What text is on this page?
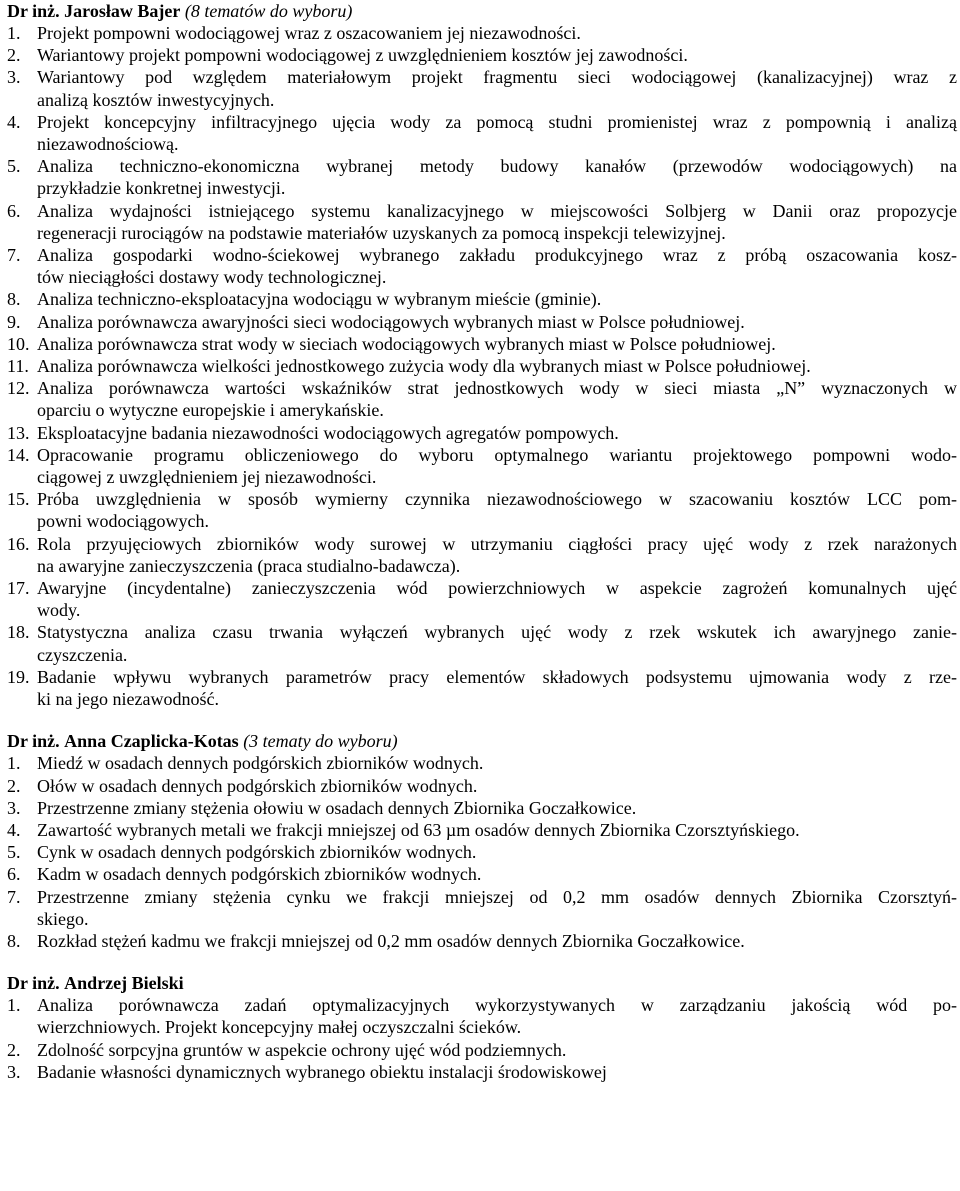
Dr inż. Jarosław Bajer (8 tematów do wyboru)
1. Projekt pompowni wodociągowej wraz z oszacowaniem jej niezawodności.
2. Wariantowy projekt pompowni wodociągowej z uwzględnieniem kosztów jej zawodności.
3. Wariantowy pod względem materiałowym projekt fragmentu sieci wodociągowej (kanalizacyjnej) wraz z
analizą kosztów inwestycyjnych.
4. Projekt koncepcyjny infiltracyjnego ujęcia wody za pomocą studni promienistej wraz z pompownią i analizą
niezawodnościową.
5. Analiza techniczno-ekonomiczna wybranej metody budowy kanałów (przewodów wodociągowych) na
przykładzie konkretnej inwestycji.
6. Analiza wydajności istniejącego systemu kanalizacyjnego w miejscowości Solbjerg w Danii oraz propozycje
regeneracji rurociągów na podstawie materiałów uzyskanych za pomocą inspekcji telewizyjnej.
7. Analiza gospodarki wodno-ściekowej wybranego zakładu produkcyjnego wraz z próbą oszacowania kosz-
tów nieciągłości dostawy wody technologicznej.
8. Analiza techniczno-eksploatacyjna wodociągu w wybranym mieście (gminie).
9. Analiza porównawcza awaryjności sieci wodociągowych wybranych miast w Polsce południowej.
10. Analiza porównawcza strat wody w sieciach wodociągowych wybranych miast w Polsce południowej.
11. Analiza porównawcza wielkości jednostkowego zużycia wody dla wybranych miast w Polsce południowej.
12. Analiza porównawcza wartości wskaźników strat jednostkowych wody w sieci miasta „N” wyznaczonych w
oparciu o wytyczne europejskie i amerykańskie.
13. Eksploatacyjne badania niezawodności wodociągowych agregatów pompowych.
14. Opracowanie programu obliczeniowego do wyboru optymalnego wariantu projektowego pompowni wodo-
ciągowej z uwzględnieniem jej niezawodności.
15. Próba uwzględnienia w sposób wymierny czynnika niezawodnościowego w szacowaniu kosztów LCC pom-
powni wodociągowych.
16. Rola przyujęciowych zbiorników wody surowej w utrzymaniu ciągłości pracy ujęć wody z rzek narażonych
na awaryjne zanieczyszczenia (praca studialno-badawcza).
17. Awaryjne (incydentalne) zanieczyszczenia wód powierzchniowych w aspekcie zagrożeń komunalnych ujęć
wody.
18. Statystyczna analiza czasu trwania wyłączeń wybranych ujęć wody z rzek wskutek ich awaryjnego zanie-
czyszczenia.
19. Badanie wpływu wybranych parametrów pracy elementów składowych podsystemu ujmowania wody z rze-
ki na jego niezawodność.
Dr inż. Anna Czaplicka-Kotas (3 tematy do wyboru)
1. Miedź w osadach dennych podgórskich zbiorników wodnych.
2. Ołów w osadach dennych podgórskich zbiorników wodnych.
3. Przestrzenne zmiany stężenia ołowiu w osadach dennych Zbiornika Goczałkowice.
4. Zawartość wybranych metali we frakcji mniejszej od 63 µm osadów dennych Zbiornika Czorsztyńskiego.
5. Cynk w osadach dennych podgórskich zbiorników wodnych.
6. Kadm w osadach dennych podgórskich zbiorników wodnych.
7. Przestrzenne zmiany stężenia cynku we frakcji mniejszej od 0,2 mm osadów dennych Zbiornika Czorsztyń-
skiego.
8. Rozkład stężeń kadmu we frakcji mniejszej od 0,2 mm osadów dennych Zbiornika Goczałkowice.
Dr inż. Andrzej Bielski
1. Analiza porównawcza zadań optymalizacyjnych wykorzystywanych w zarządzaniu jakością wód po-
wierzchniowych. Projekt koncepcyjny małej oczyszczalni ścieków.
2. Zdolność sorpcyjna gruntów w aspekcie ochrony ujęć wód podziemnych.
3. Badanie własności dynamicznych wybranego obiektu instalacji środowiskowej
